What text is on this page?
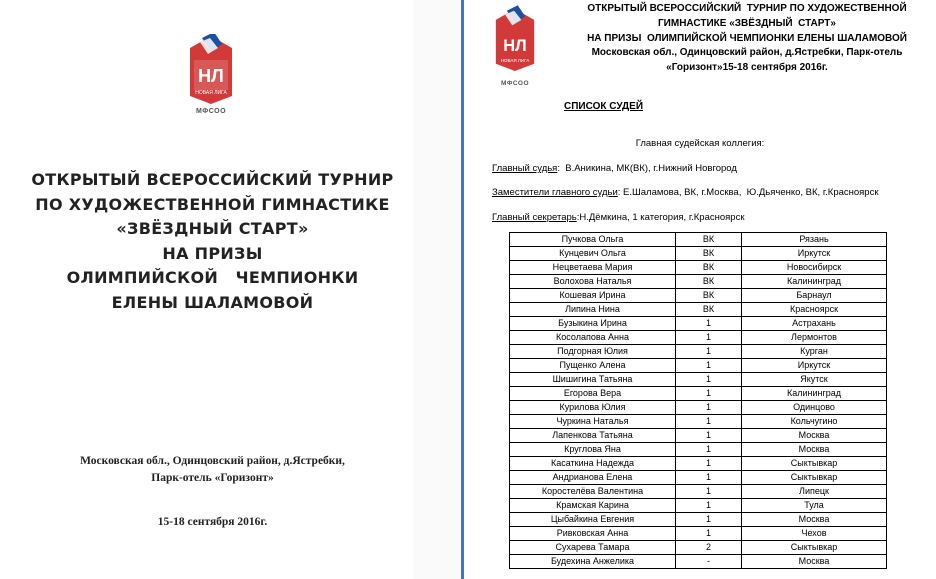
НЛ
НОВАЯ ЛИГА
МФСОО
ОТКРЫТЫЙ ВСЕРОССИЙСКИЙ ТУРНИР
ПО ХУДОЖЕСТВЕННОЙ ГИМНАСТИКЕ
«ЗВЁЗДНЫЙ СТАРТ»
НА ПРИЗЫ
ОЛИМПИЙСКОЙ   ЧЕМПИОНКИ
ЕЛЕНЫ ШАЛАМОВОЙ
Московская обл., Одинцовский район, д.Ястребки,
Парк-отель «Горизонт»
15-18 сентября 2016г.
НЛ
НОВАЯ ЛИГА
МФСОО
ОТКРЫТЫЙ ВСЕРОССИЙСКИЙ  ТУРНИР ПО ХУДОЖЕСТВЕННОЙ
ГИМНАСТИКЕ «ЗВЁЗДНЫЙ  СТАРТ»
НА ПРИЗЫ  ОЛИМПИЙСКОЙ ЧЕМПИОНКИ ЕЛЕНЫ ШАЛАМОВОЙ
Московская обл., Одинцовский район, д.Ястребки, Парк-отель
«Горизонт»15-18 сентября 2016г.
СПИСОК СУДЕЙ
Главная судейская коллегия:
Главный судья:  В.Аникина, МК(ВК), г.Нижний Новгород
Заместители главного судьи: Е.Шаламова, ВК, г.Москва,  Ю.Дьяченко, ВК, г.Красноярск
Главный секретарь:Н.Дёмкина, 1 категория, г.Красноярск
Пучкова Ольга	ВК	Рязань
Кунцевич Ольга	ВК	Иркутск
Нецветаева Мария	ВК	Новосибирск
Волохова Наталья	ВК	Калининград
Кошевая Ирина	ВК	Барнаул
Липина Нина	ВК	Красноярск
Бузыкина Ирина	1	Астрахань
Косолапова Анна	1	Лермонтов
Подгорная Юлия	1	Курган
Пущенко Алена	1	Иркутск
Шишигина Татьяна	1	Якутск
Егорова Вера	1	Калининград
Курилова Юлия	1	Одинцово
Чуркина Наталья	1	Кольчугино
Лапенкова Татьяна	1	Москва
Круглова Яна	1	Москва
Касаткина Надежда	1	Сыктывкар
Андрианова Елена	1	Сыктывкар
Коростелёва Валентина	1	Липецк
Крамская Карина	1	Тула
Цыбайкина Евгения	1	Москва
Ривковская Анна	1	Чехов
Сухарева Тамара	2	Сыктывкар
Будехина Анжелика	-	Москва
